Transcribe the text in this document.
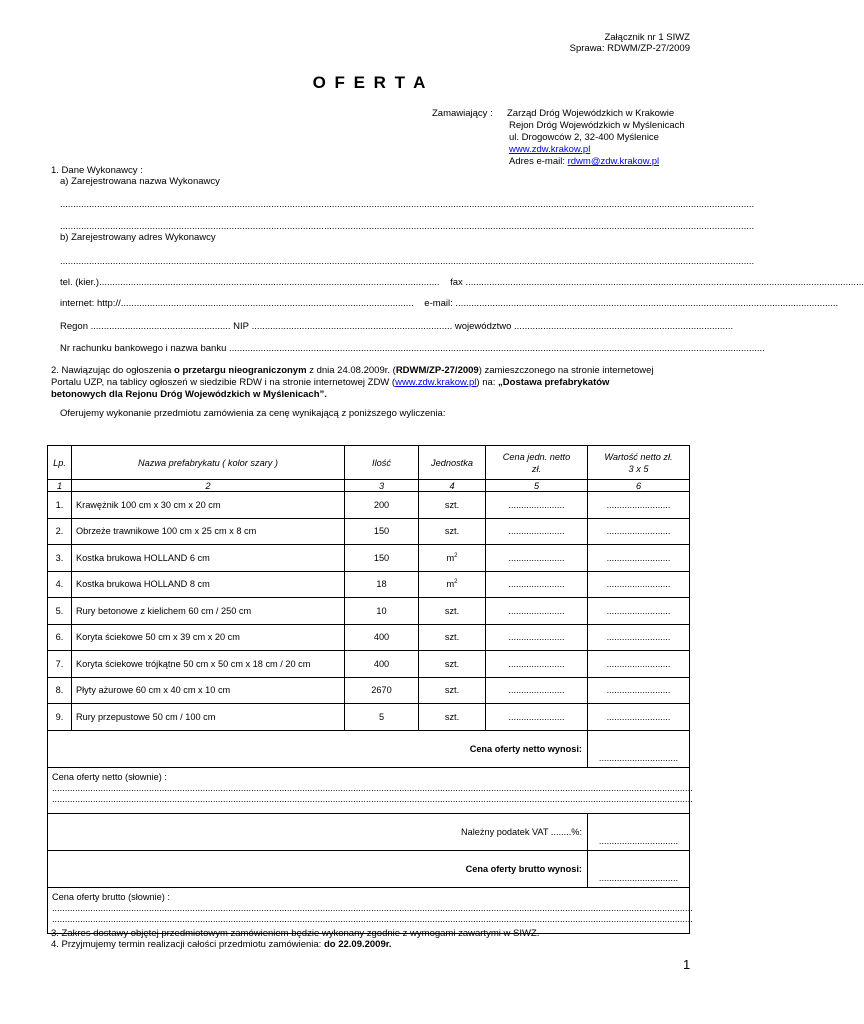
Załącznik nr 1 SIWZ
Sprawa: RDWM/ZP-27/2009
O F E R T A
Zamawiający : Zarząd Dróg Wojewódzkich w Krakowie
Rejon Dróg Wojewódzkich w Myślenicach
ul. Drogowców 2, 32-400 Myślenice
www.zdw.krakow.pl
Adres e-mail: rdwm@zdw.krakow.pl
1. Dane Wykonawcy :
a) Zarejestrowana nazwa Wykonawcy
.......................................................................................................................................................................................................................................................................
.......................................................................................................................................................................................................................................................................
b) Zarejestrowany adres Wykonawcy
.......................................................................................................................................................................................................................................................................
tel. (kier.).................................................................................................................................    fax .......................................................................................................................................................
internet: http://...............................................................................................................    e-mail: .................................................................................................................................................
Regon ..................................................... NIP ............................................................................ województwo ...................................................................................
Nr rachunku bankowego i nazwa banku ...........................................................................................................................................................................................................
2. Nawiązując do ogłoszenia o przetargu nieograniczonym z dnia 24.08.2009r. (RDWM/ZP-27/2009) zamieszczonego na stronie internetowej
Portalu UZP, na tablicy ogłoszeń w siedzibie RDW i na stronie internetowej ZDW (www.zdw.krakow.pl) na: „Dostawa prefabrykatów
betonowych dla Rejonu Dróg Wojewódzkich w Myślenicach”.
Oferujemy wykonanie przedmiotu zamówienia za cenę wynikającą z poniższego wyliczenia:
Lp.	Nazwa prefabrykatu ( kolor szary )	Ilość	Jednostka	Cena jedn. netto
zł.	Wartość netto zł.
3 x 5
1	2	3	4	5	6
1.	Krawężnik 100 cm x 30 cm x 20 cm	200	szt.	......................	.........................
2.	Obrzeże trawnikowe 100 cm x 25 cm x 8 cm	150	szt.	......................	.........................
3.	Kostka brukowa HOLLAND 6 cm	150	$m^2$	......................	.........................
4.	Kostka brukowa HOLLAND 8 cm	18	$m^2$	......................	.........................
5.	Rury betonowe z kielichem 60 cm / 250 cm	10	szt.	......................	.........................
6.	Koryta ściekowe 50 cm x 39 cm x 20 cm	400	szt.	......................	.........................
7.	Koryta ściekowe trójkątne 50 cm x 50 cm x 18 cm / 20 cm	400	szt.	......................	.........................
8.	Płyty ażurowe 60 cm x 40 cm x 10 cm	2670	szt.	......................	.........................
9.	Rury przepustowe 50 cm / 100 cm	5	szt.	......................	.........................
Cena oferty netto wynosi:					...............................

Cena oferty netto (słownie) :
...........................................................................................................................................................................................................................................................
...........................................................................................................................................................................................................................................................					

Należny podatek VAT ........%:					...............................
Cena oferty brutto wynosi:					...............................

Cena oferty brutto (słownie) :
...........................................................................................................................................................................................................................................................
...........................................................................................................................................................................................................................................................					
3. Zakres dostawy objętej przedmiotowym zamówieniem będzie wykonany zgodnie z wymogami zawartymi w SIWZ.
4. Przyjmujemy termin realizacji całości przedmiotu zamówienia: do 22.09.2009r.
1
